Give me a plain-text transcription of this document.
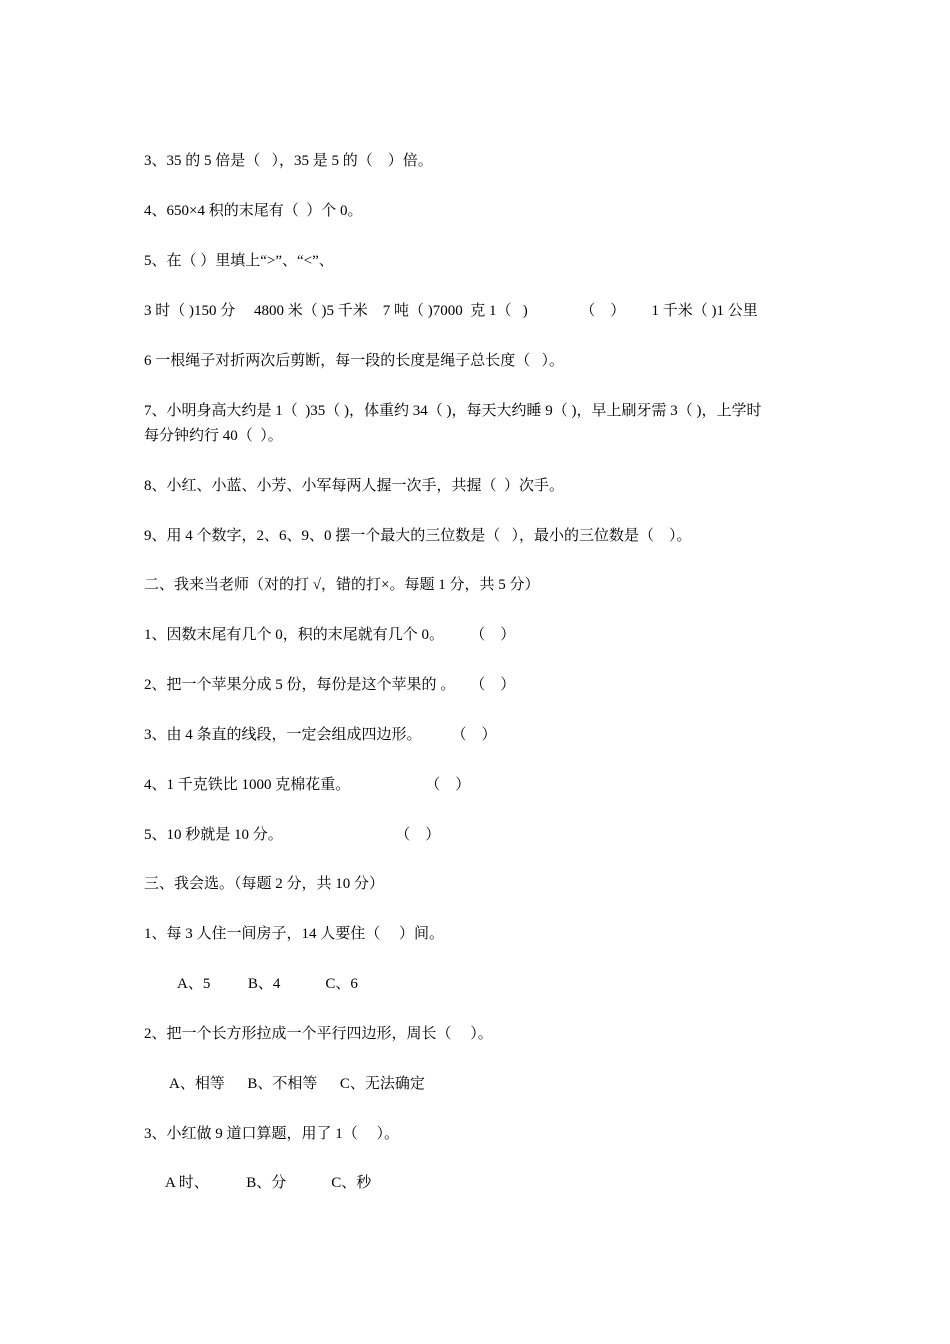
3、35 的 5 倍是（   ），35 是 5 的（    ）倍。
4、650×4 积的末尾有（  ）个 0。
5、在（ ）里填上“>”、“<”、
3 时（ )150 分     4800 米（ )5 千米    7 吨（ )7000  克 1（   )              （    ）       1 千米（ )1 公里
6 一根绳子对折两次后剪断，每一段的长度是绳子总长度（   ）。
7、小明身高大约是 1（  )35（ )，体重约 34（ )，每天大约睡 9（ )，早上刷牙需 3（ )，上学时
每分钟约行 40（  ）。
8、小红、小蓝、小芳、小军每两人握一次手，共握（  ）次手。
9、用 4 个数字，2、6、9、0 摆一个最大的三位数是（   ），最小的三位数是（    ）。
二、我来当老师（对的打 √，错的打×。每题 1 分，共 5 分）
1、因数末尾有几个 0，积的末尾就有几个 0。       （    ）
2、把一个苹果分成 5 份，每份是这个苹果的 。    （    ）
3、由 4 条直的线段，一定会组成四边形。        （    ）
4、1 千克铁比 1000 克棉花重。                    （    ）
5、10 秒就是 10 分。                              （    ）
三、我会选。（每题 2 分，共 10 分）
1、每 3 人住一间房子，14 人要住（     ）间。
A、5          B、4            C、6
2、把一个长方形拉成一个平行四边形，周长（     ）。
A、相等      B、不相等      C、无法确定
3、小红做 9 道口算题，用了 1（     ）。
A 时、          B、分            C、秒
